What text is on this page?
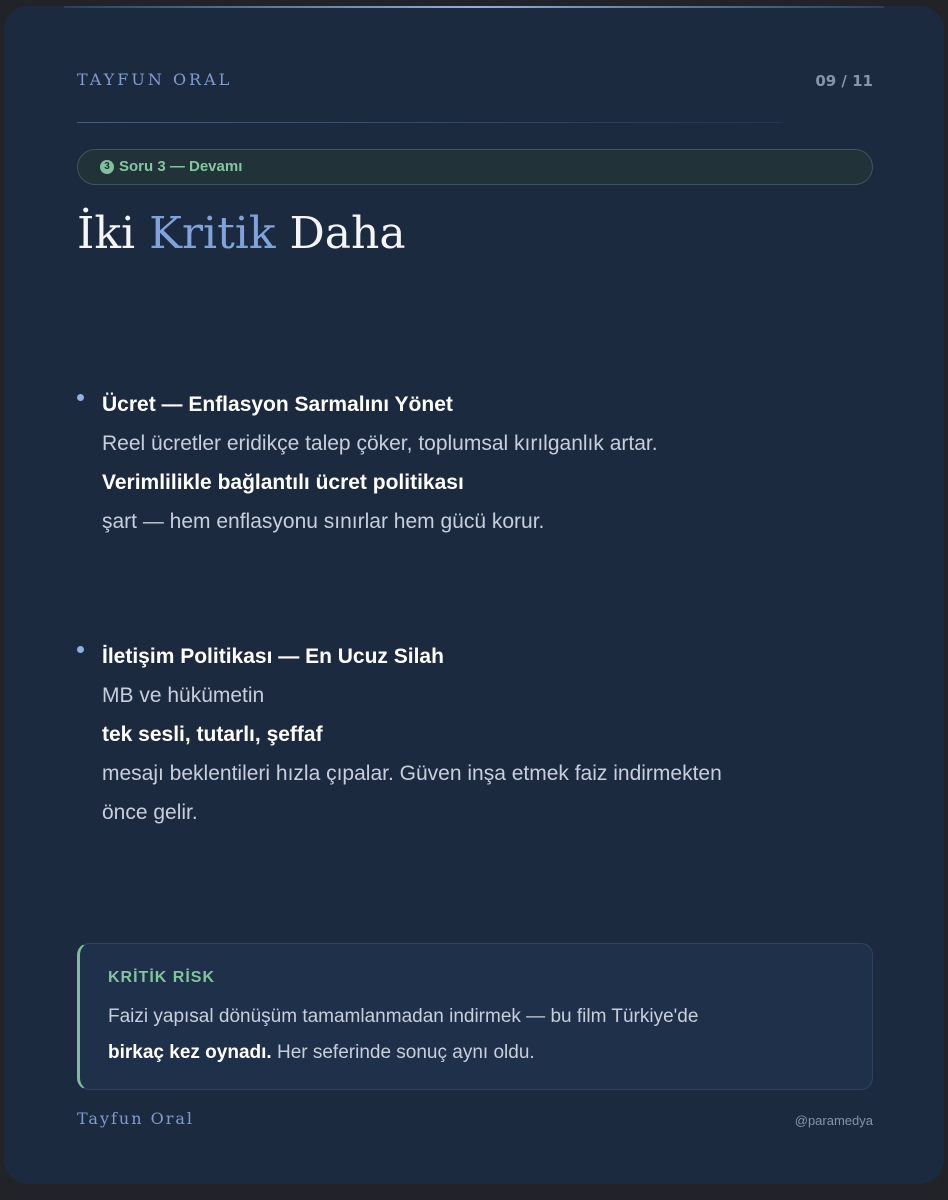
TAYFUN ORAL	09 / 11
3 Soru 3 — Devamı
İki Kritik Daha
Ücret — Enflasyon Sarmalını Yönet
Reel ücretler eridikçe talep çöker, toplumsal kırılganlık artar.
Verimlilikle bağlantılı ücret politikası
şart — hem enflasyonu sınırlar hem gücü korur.
İletişim Politikası — En Ucuz Silah
MB ve hükümetin
tek sesli, tutarlı, şeffaf
mesajı beklentileri hızla çıpalar. Güven inşa etmek faiz indirmekten
önce gelir.
KRİTİK RİSK
Faizi yapısal dönüşüm tamamlanmadan indirmek — bu film Türkiye'de
birkaç kez oynadı. Her seferinde sonuç aynı oldu.
Tayfun Oral	@paramedya
